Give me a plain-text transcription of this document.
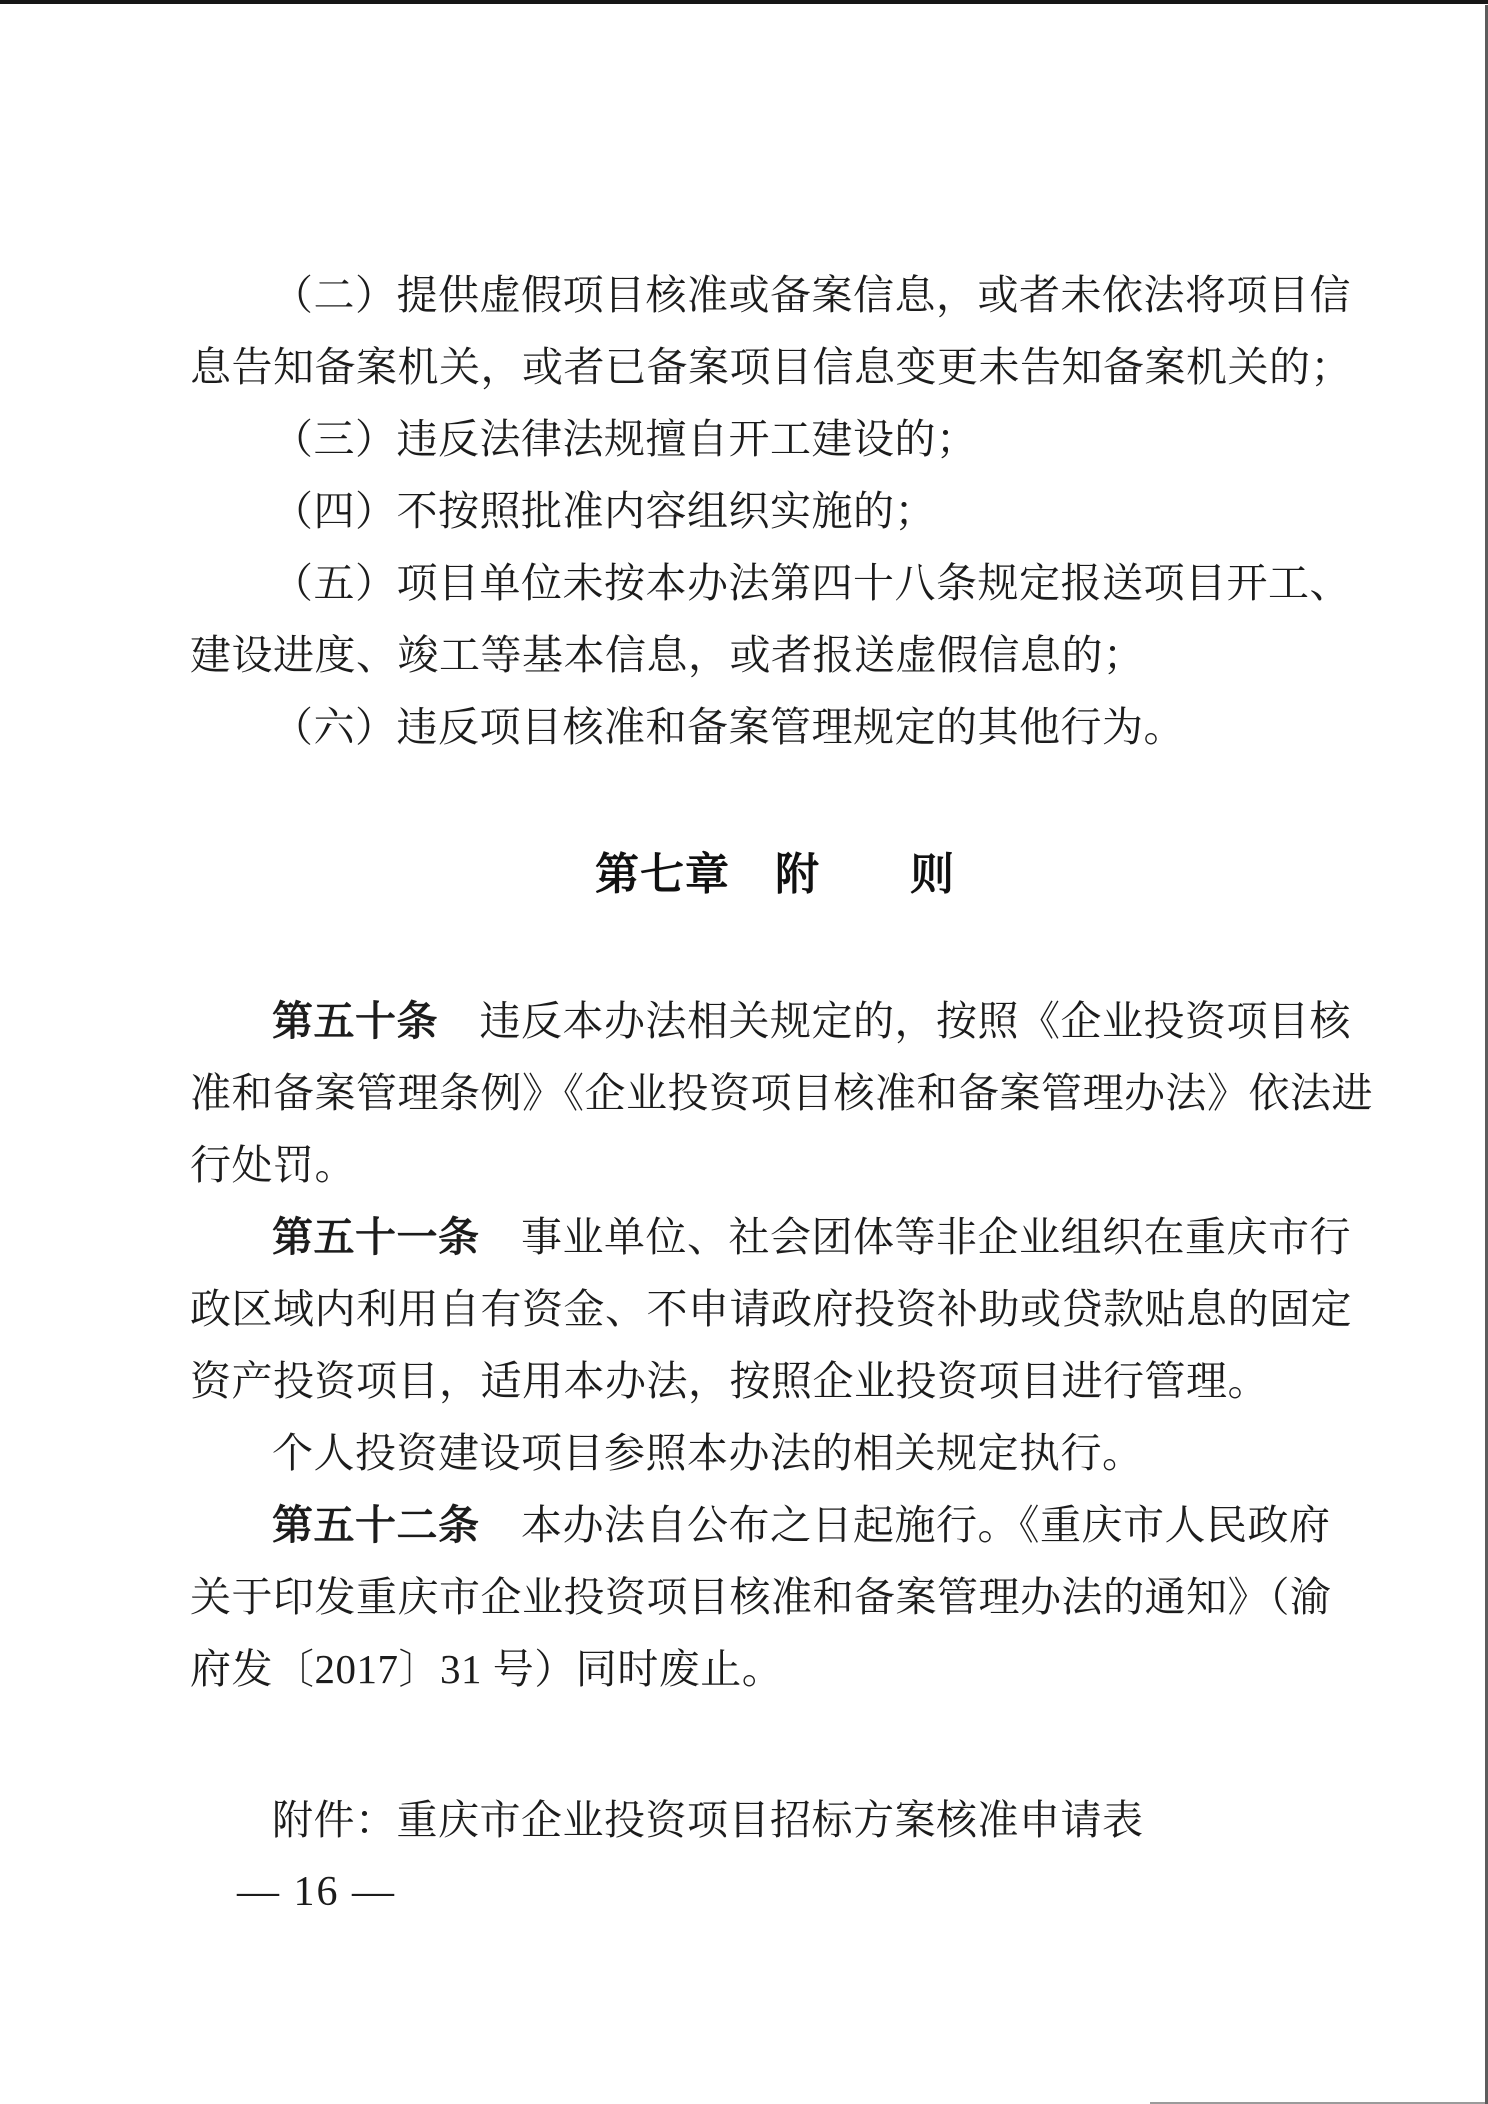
（二）提供虚假项目核准或备案信息，或者未依法将项目信
息告知备案机关，或者已备案项目信息变更未告知备案机关的；
（三）违反法律法规擅自开工建设的；
（四）不按照批准内容组织实施的；
（五）项目单位未按本办法第四十八条规定报送项目开工、
建设进度、竣工等基本信息，或者报送虚假信息的；
（六）违反项目核准和备案管理规定的其他行为。
第七章　附　　则
第五十条　违反本办法相关规定的，按照《企业投资项目核
准和备案管理条例》《企业投资项目核准和备案管理办法》依法进
行处罚。
第五十一条　事业单位、社会团体等非企业组织在重庆市行
政区域内利用自有资金、不申请政府投资补助或贷款贴息的固定
资产投资项目，适用本办法，按照企业投资项目进行管理。
个人投资建设项目参照本办法的相关规定执行。
第五十二条　本办法自公布之日起施行。《重庆市人民政府
关于印发重庆市企业投资项目核准和备案管理办法的通知》（渝
府发〔2017〕31 号）同时废止。
附件：重庆市企业投资项目招标方案核准申请表
— 16 —
